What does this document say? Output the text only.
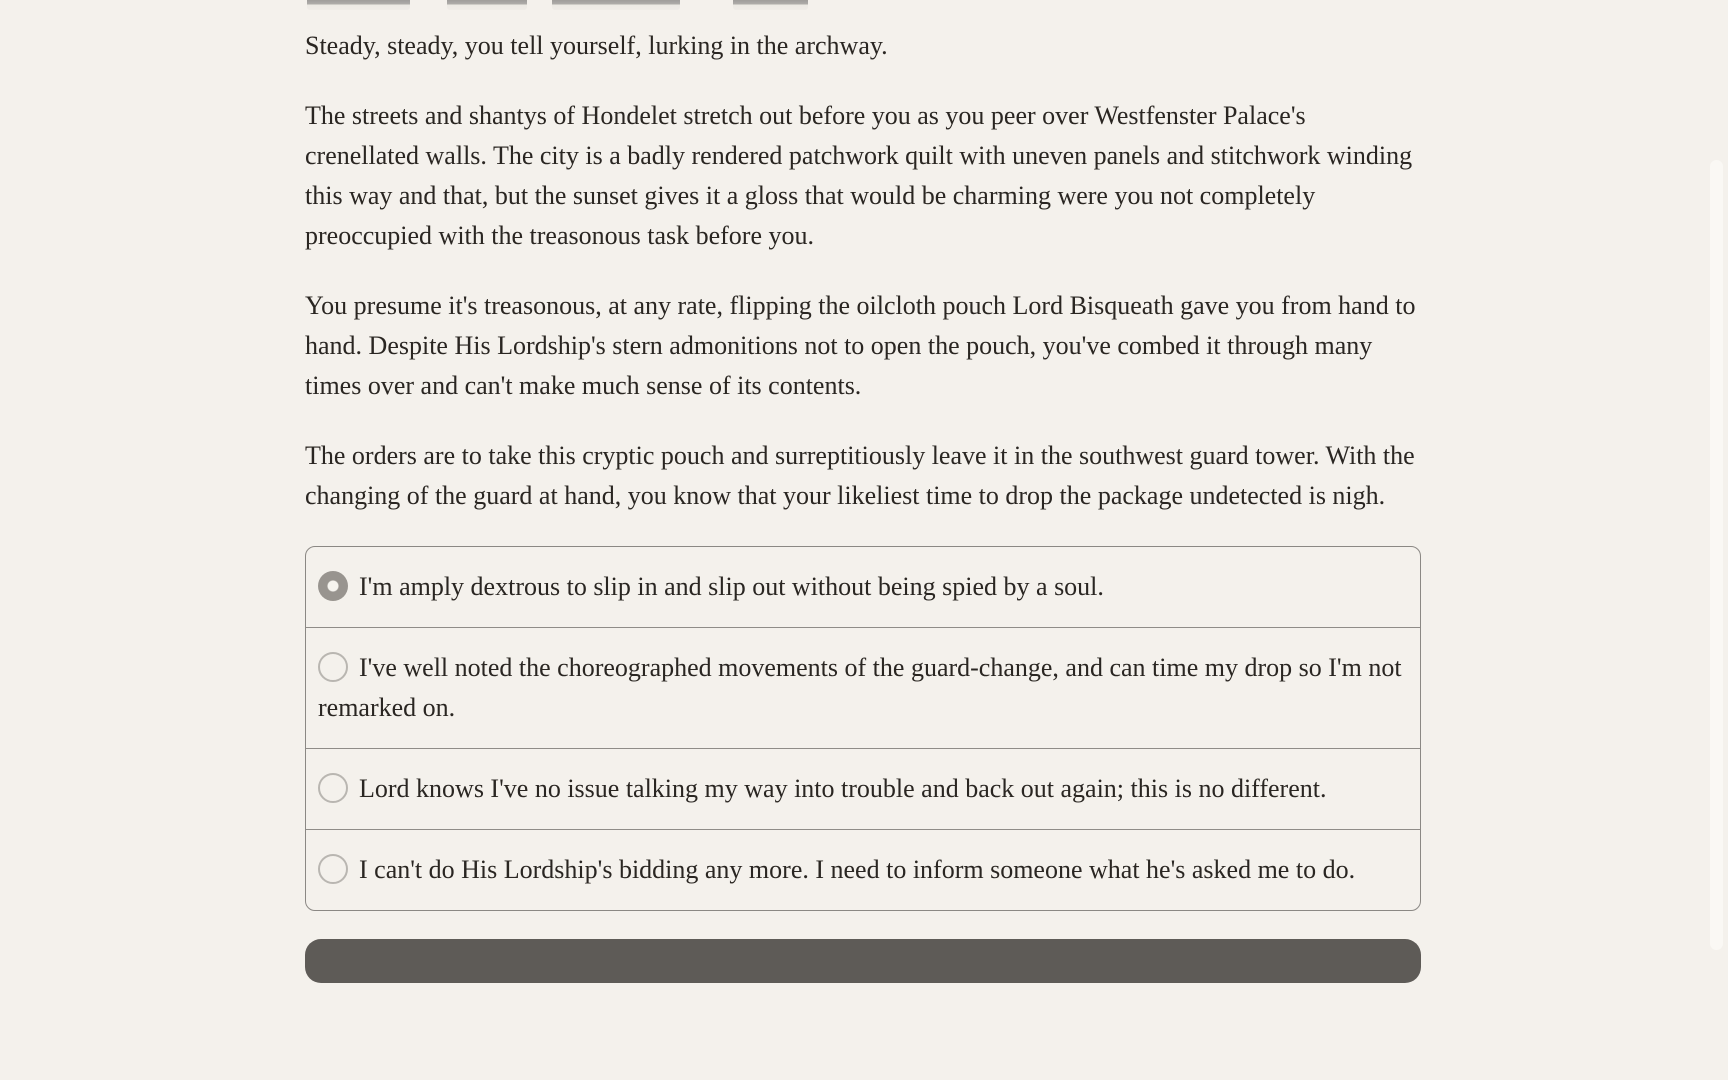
Steady, steady, you tell yourself, lurking in the archway.

The streets and shantys of Hondelet stretch out before you as you peer over Westfenster Palace's crenellated walls. The city is a badly rendered patchwork quilt with uneven panels and stitchwork winding this way and that, but the sunset gives it a gloss that would be charming were you not completely preoccupied with the treasonous task before you.

You presume it's treasonous, at any rate, flipping the oilcloth pouch Lord Bisqueath gave you from hand to hand. Despite His Lordship's stern admonitions not to open the pouch, you've combed it through many times over and can't make much sense of its contents.

The orders are to take this cryptic pouch and surreptitiously leave it in the southwest guard tower. With the changing of the guard at hand, you know that your likeliest time to drop the package undetected is nigh.

I'm amply dextrous to slip in and slip out without being spied by a soul.
I've well noted the choreographed movements of the guard-change, and can time my drop so I'm not remarked on.
Lord knows I've no issue talking my way into trouble and back out again; this is no different.
I can't do His Lordship's bidding any more. I need to inform someone what he's asked me to do.
